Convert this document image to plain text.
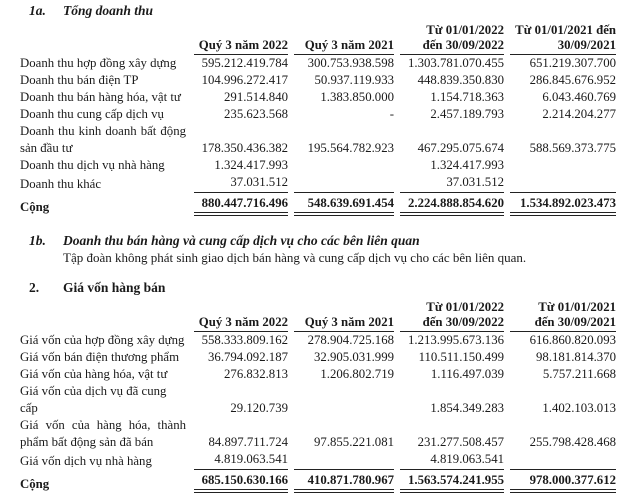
1a.	Tổng doanh thu

	Quý 3 năm 2022	Quý 3 năm 2021	Từ 01/01/2022
đến 30/09/2022	Từ 01/01/2021 đến
30/09/2021

Doanh thu hợp đồng xây dựng	595.212.419.784	300.753.938.598	1.303.781.070.455	651.219.307.700

Doanh thu bán điện TP	104.996.272.417	50.937.119.933	448.839.350.830	286.845.676.952

Doanh thu bán hàng hóa, vật tư	291.514.840	1.383.850.000	1.154.718.363	6.043.460.769

Doanh thu cung cấp dịch vụ	235.623.568	-	2.457.189.793	2.214.204.277

Doanh thu kinh doanh bất động sản đầu tư	178.350.436.382	195.564.782.923	467.295.075.674	588.569.373.775

Doanh thu dịch vụ nhà hàng	1.324.417.993		1.324.417.993	

Doanh thu khác	37.031.512		37.031.512	

Cộng	880.447.716.496	548.639.691.454	2.224.888.854.620	1.534.892.023.473
1b.	Doanh thu bán hàng và cung cấp dịch vụ cho các bên liên quan
Tập đoàn không phát sinh giao dịch bán hàng và cung cấp dịch vụ cho các bên liên quan.
2.	Giá vốn hàng bán

	Quý 3 năm 2022	Quý 3 năm 2021	Từ 01/01/2022
đến 30/09/2022	Từ 01/01/2021
đến 30/09/2021

Giá vốn của hợp đồng xây dựng	558.333.809.162	278.904.725.168	1.213.995.673.136	616.860.820.093

Giá vốn bán điện thương phẩm	36.794.092.187	32.905.031.999	110.511.150.499	98.181.814.370

Giá vốn của hàng hóa, vật tư	276.832.813	1.206.802.719	1.116.497.039	5.757.211.668

Giá vốn của dịch vụ đã cung cấp	29.120.739		1.854.349.283	1.402.103.013

Giá vốn của hàng hóa, thành phẩm bất động sản đã bán	84.897.711.724	97.855.221.081	231.277.508.457	255.798.428.468

Giá vốn dịch vụ nhà hàng	4.819.063.541		4.819.063.541	

Cộng	685.150.630.166	410.871.780.967	1.563.574.241.955	978.000.377.612
